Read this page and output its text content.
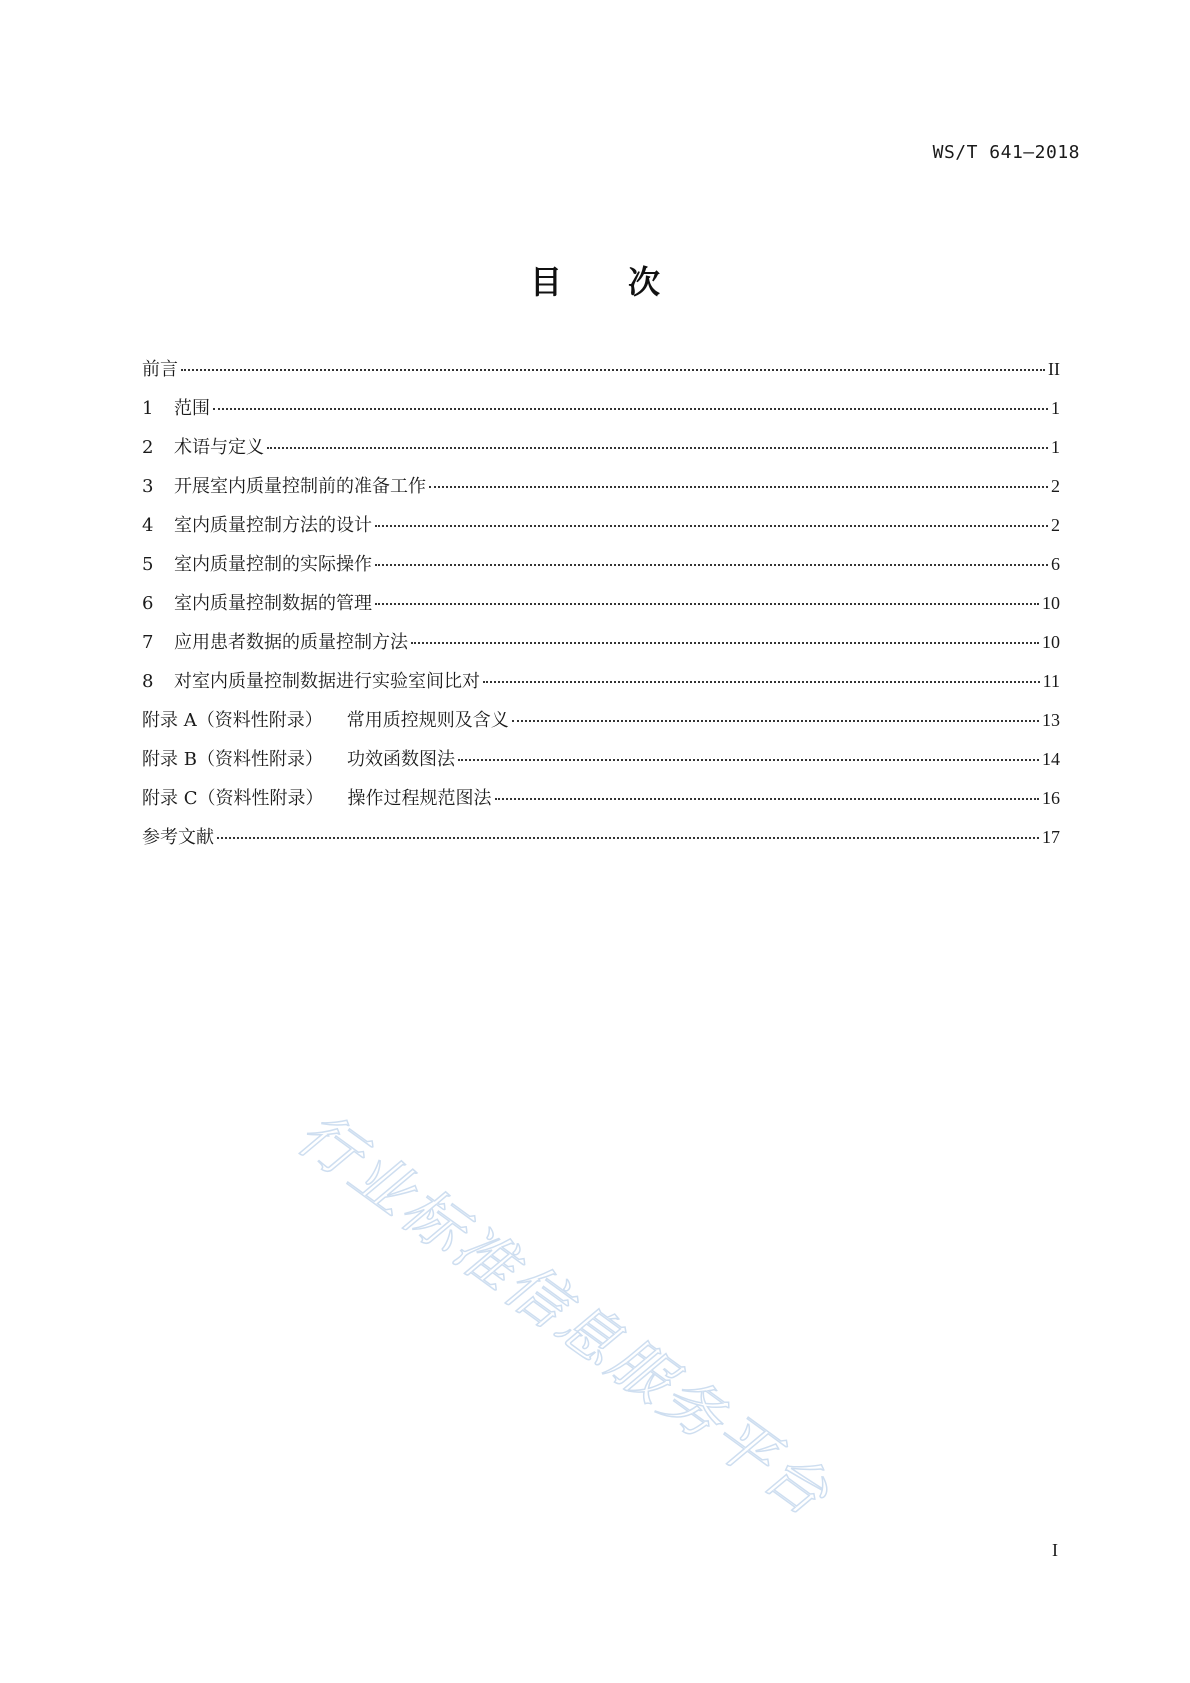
WS/T 641—2018
目次
前言	II
1	范围	1
2	术语与定义	1
3	开展室内质量控制前的准备工作	2
4	室内质量控制方法的设计	2
5	室内质量控制的实际操作	6
6	室内质量控制数据的管理	10
7	应用患者数据的质量控制方法	10
8	对室内质量控制数据进行实验室间比对	11
附录 A（资料性附录） 常用质控规则及含义	13
附录 B（资料性附录） 功效函数图法	14
附录 C（资料性附录） 操作过程规范图法	16
参考文献	17
行业标准信息服务平台
I
